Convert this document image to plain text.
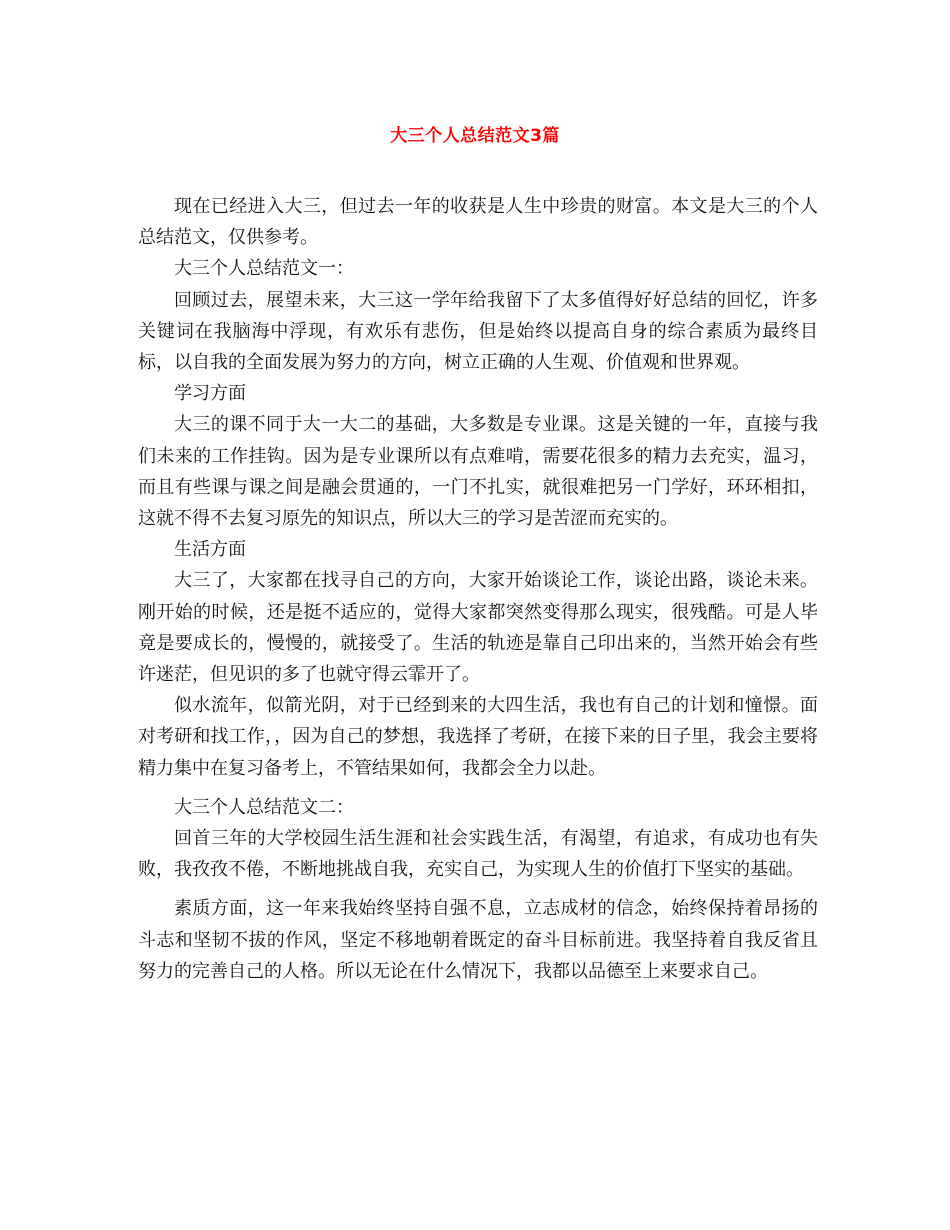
大三个人总结范文3篇

现在已经进入大三，但过去一年的收获是人生中珍贵的财富。本文是大三的个人总结范文，仅供参考。

大三个人总结范文一：

回顾过去，展望未来，大三这一学年给我留下了太多值得好好总结的回忆，许多关键词在我脑海中浮现，有欢乐有悲伤，但是始终以提高自身的综合素质为最终目标，以自我的全面发展为努力的方向，树立正确的人生观、价值观和世界观。

学习方面

大三的课不同于大一大二的基础，大多数是专业课。这是关键的一年，直接与我们未来的工作挂钩。因为是专业课所以有点难啃，需要花很多的精力去充实，温习，而且有些课与课之间是融会贯通的，一门不扎实，就很难把另一门学好，环环相扣，这就不得不去复习原先的知识点，所以大三的学习是苦涩而充实的。

生活方面

大三了，大家都在找寻自己的方向，大家开始谈论工作，谈论出路，谈论未来。刚开始的时候，还是挺不适应的，觉得大家都突然变得那么现实，很残酷。可是人毕竟是要成长的，慢慢的，就接受了。生活的轨迹是靠自己印出来的，当然开始会有些许迷茫，但见识的多了也就守得云霏开了。

似水流年，似箭光阴，对于已经到来的大四生活，我也有自己的计划和憧憬。面对考研和找工作，，因为自己的梦想，我选择了考研，在接下来的日子里，我会主要将精力集中在复习备考上，不管结果如何，我都会全力以赴。

大三个人总结范文二：

回首三年的大学校园生活生涯和社会实践生活，有渴望，有追求，有成功也有失败，我孜孜不倦，不断地挑战自我，充实自己，为实现人生的价值打下坚实的基础。

素质方面，这一年来我始终坚持自强不息，立志成材的信念，始终保持着昂扬的斗志和坚韧不拔的作风，坚定不移地朝着既定的奋斗目标前进。我坚持着自我反省且努力的完善自己的人格。所以无论在什么情况下，我都以品德至上来要求自己。
